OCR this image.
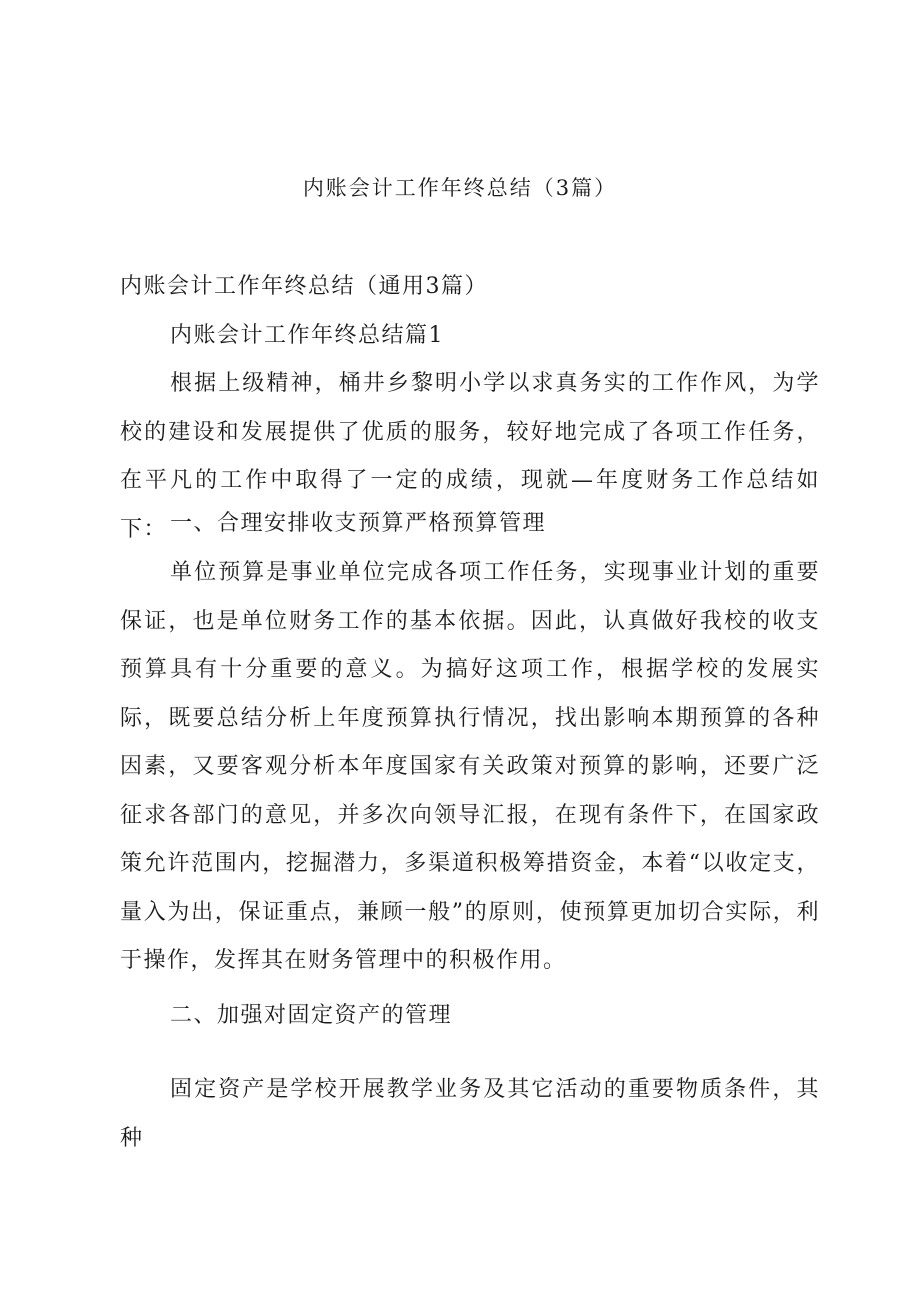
内账会计工作年终总结（3篇）

内账会计工作年终总结（通用3篇）

内账会计工作年终总结篇1

根据上级精神，桶井乡黎明小学以求真务实的工作作风，为学校的建设和发展提供了优质的服务，较好地完成了各项工作任务，在平凡的工作中取得了一定的成绩，现就—年度财务工作总结如下： 一、合理安排收支预算严格预算管理

单位预算是事业单位完成各项工作任务，实现事业计划的重要保证，也是单位财务工作的基本依据。因此，认真做好我校的收支预算具有十分重要的意义。为搞好这项工作，根据学校的发展实际，既要总结分析上年度预算执行情况，找出影响本期预算的各种因素，又要客观分析本年度国家有关政策对预算的影响，还要广泛征求各部门的意见，并多次向领导汇报，在现有条件下，在国家政策允许范围内，挖掘潜力，多渠道积极筹措资金，本着“以收定支，量入为出，保证重点，兼顾一般”的原则，使预算更加切合实际，利于操作，发挥其在财务管理中的积极作用。

二、加强对固定资产的管理

固定资产是学校开展教学业务及其它活动的重要物质条件，其种
